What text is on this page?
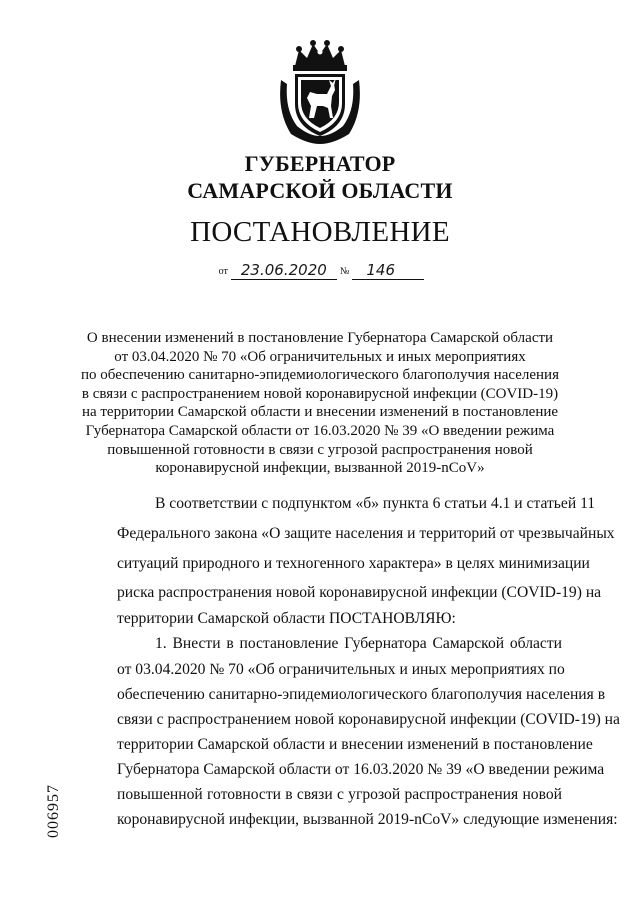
ГУБЕРНАТОР
САМАРСКОЙ ОБЛАСТИ
ПОСТАНОВЛЕНИЕ
от 23.06.2020	№	146
О внесении изменений в постановление Губернатора Самарской области
от 03.04.2020 № 70 «Об ограничительных и иных мероприятиях
по обеспечению санитарно-эпидемиологического благополучия населения
в связи с распространением новой коронавирусной инфекции (COVID-19)
на территории Самарской области и внесении изменений в постановление
Губернатора Самарской области от 16.03.2020 № 39 «О введении режима
повышенной готовности в связи с угрозой распространения новой
коронавирусной инфекции, вызванной 2019-nCoV»
В соответствии с подпунктом «б» пункта 6 статьи 4.1 и статьей 11
Федерального закона «О защите населения и территорий от чрезвычайных
ситуаций природного и техногенного характера» в целях минимизации
риска распространения новой коронавирусной инфекции (COVID-19) на
территории Самарской области ПОСТАНОВЛЯЮ:
1. Внести в постановление Губернатора Самарской области
от 03.04.2020 № 70 «Об ограничительных и иных мероприятиях по
обеспечению санитарно-эпидемиологического благополучия населения в
связи с распространением новой коронавирусной инфекции (COVID-19) на
территории Самарской области и внесении изменений в постановление
Губернатора Самарской области от 16.03.2020 № 39 «О введении режима
повышенной готовности в связи с угрозой распространения новой
коронавирусной инфекции, вызванной 2019-nCoV» следующие изменения:
006957
